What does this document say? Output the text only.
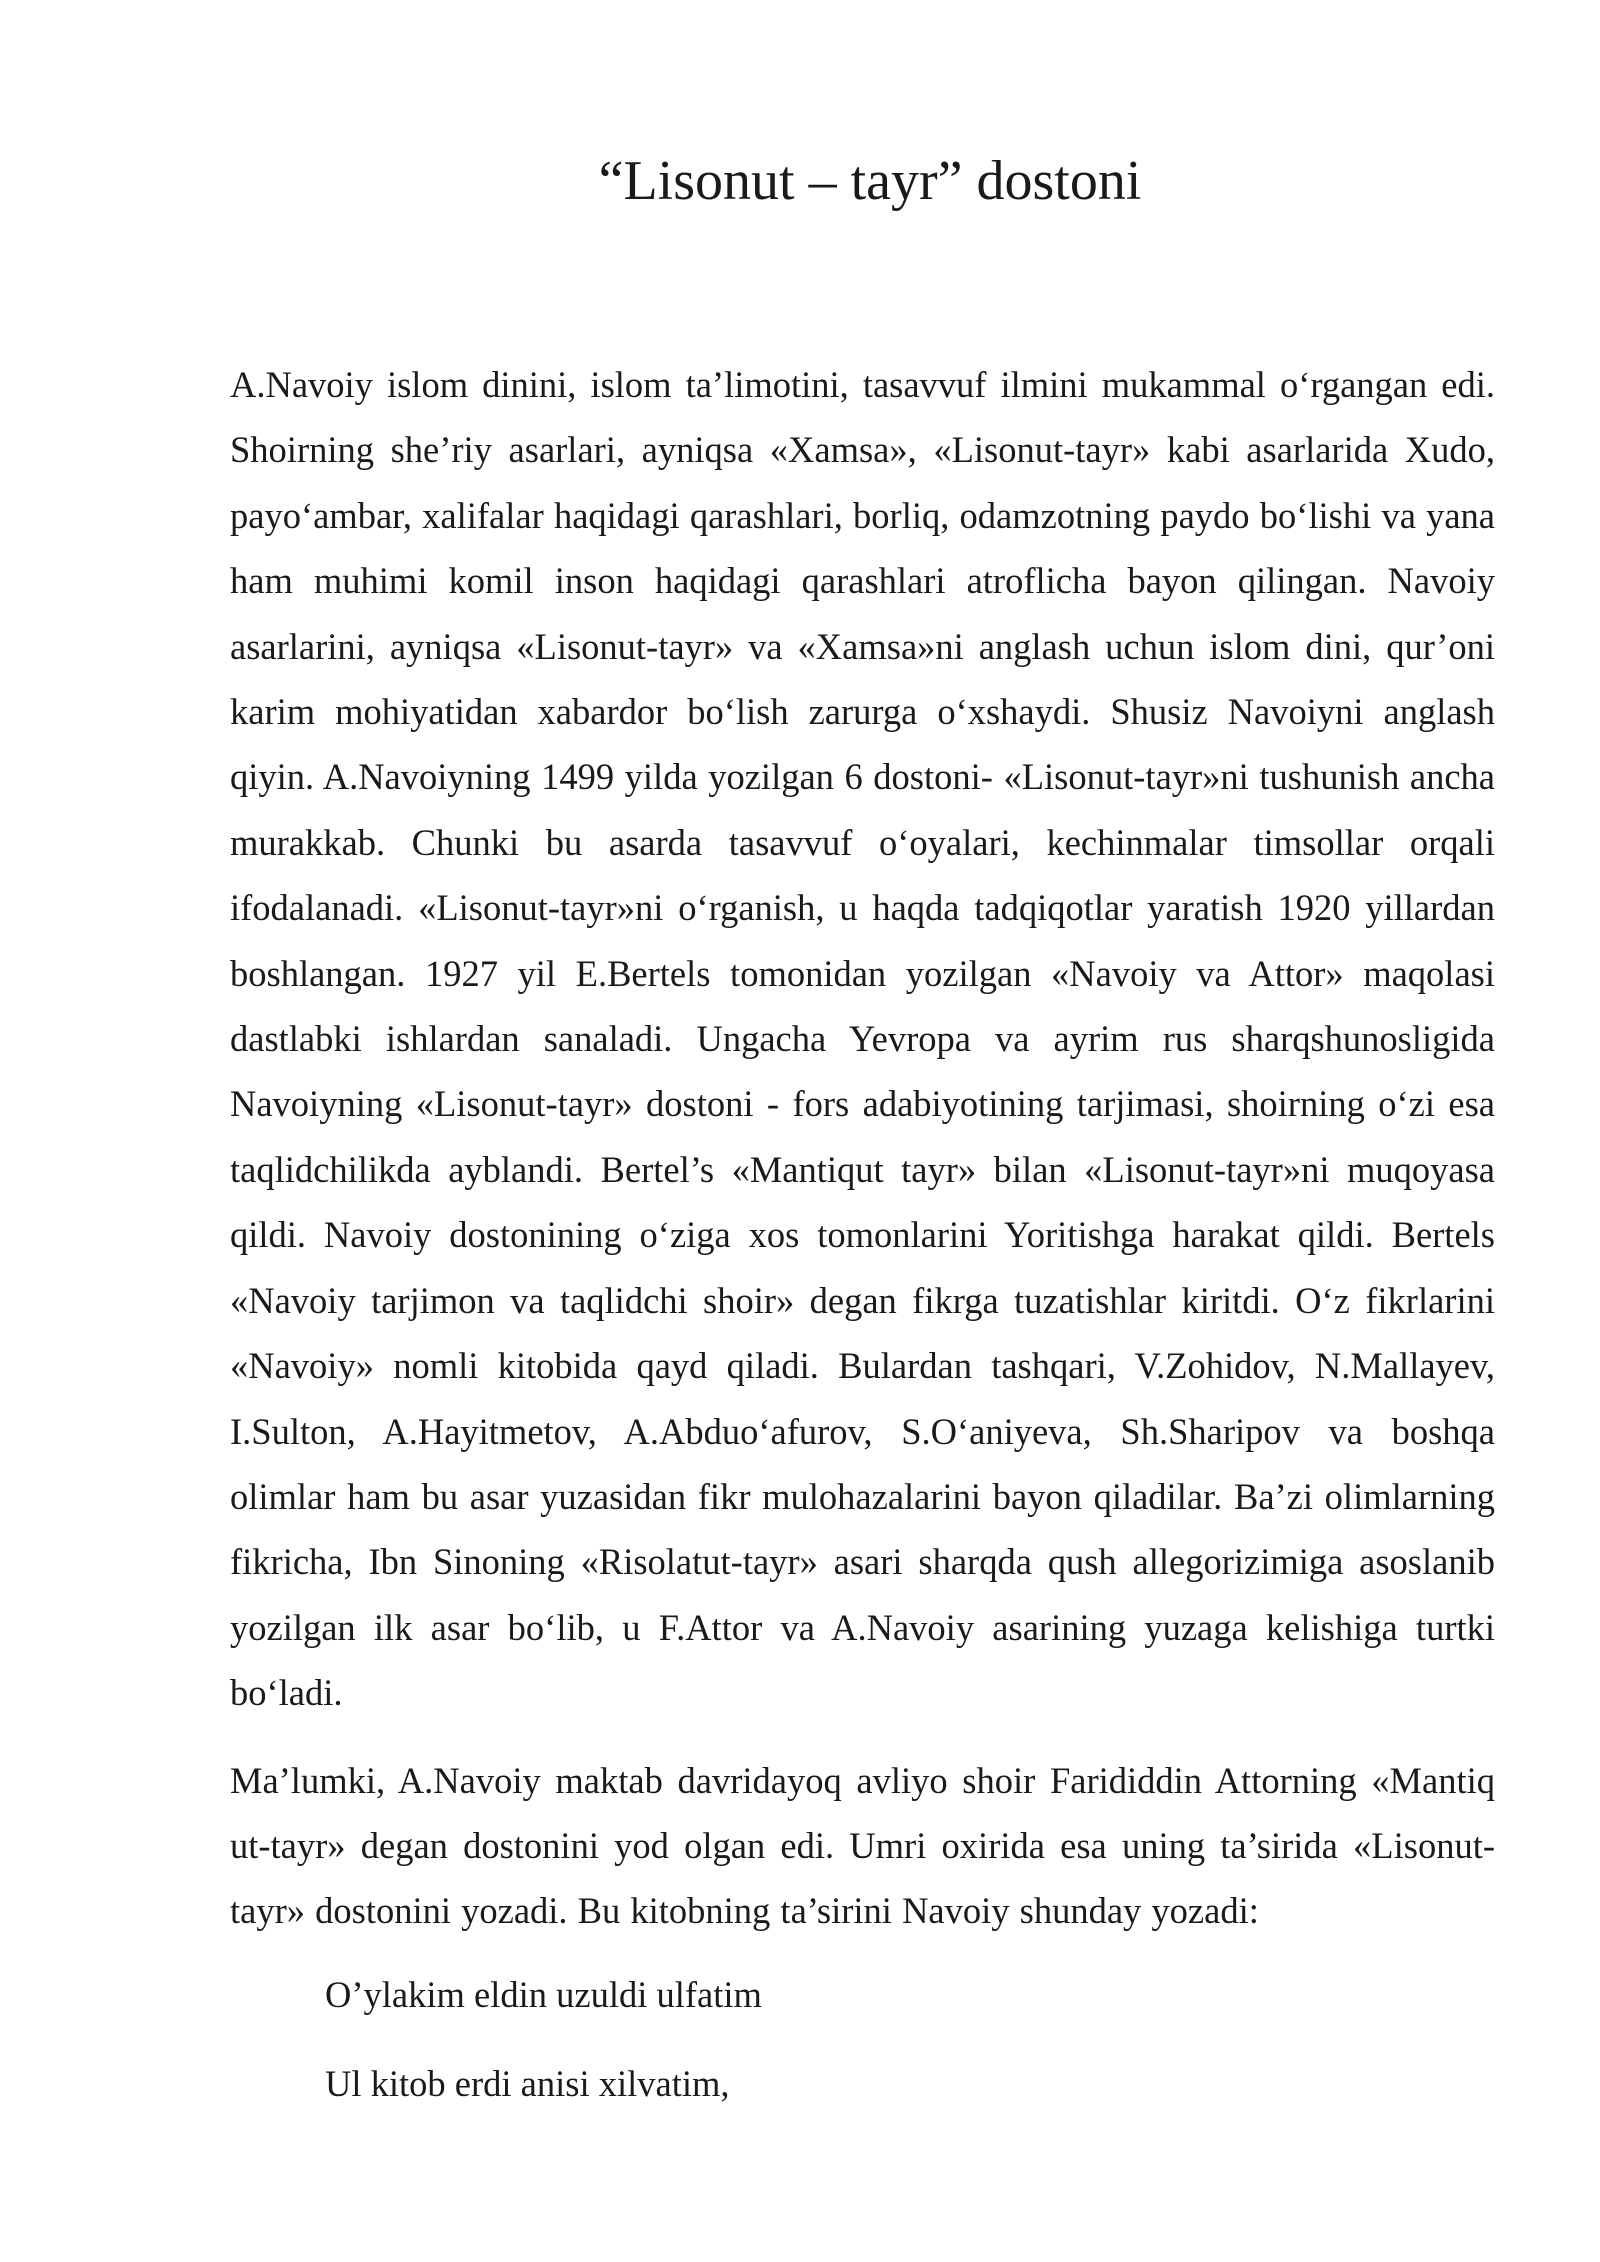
“Lisonut – tayr” dostoni

A.Navoiy islom dinini, islom ta’limotini, tasavvuf ilmini mukammal o‘rgangan edi. Shoirning she’riy asarlari, ayniqsa «Xamsa», «Lisonut-tayr» kabi asarlarida Xudo, payo‘ambar, xalifalar haqidagi qarashlari, borliq, odamzotning paydo bo‘lishi va yana ham muhimi komil inson haqidagi qarashlari atroflicha bayon qilingan. Navoiy asarlarini, ayniqsa «Lisonut-tayr» va «Xamsa»ni anglash uchun islom dini, qur’oni karim mohiyatidan xabardor bo‘lish zarurga o‘xshaydi. Shusiz Navoiyni anglash qiyin. A.Navoiyning 1499 yilda yozilgan 6 dostoni- «Lisonut-tayr»ni tushunish ancha murakkab. Chunki bu asarda tasavvuf o‘oyalari, kechinmalar timsollar orqali ifodalanadi. «Lisonut-tayr»ni o‘rganish, u haqda tadqiqotlar yaratish 1920 yillardan boshlangan. 1927 yil E.Bertels tomonidan yozilgan «Navoiy va Attor» maqolasi dastlabki ishlardan sanaladi. Ungacha Yevropa va ayrim rus sharqshunosligida Navoiyning «Lisonut-tayr» dostoni - fors adabiyotining tarjimasi, shoirning o‘zi esa taqlidchilikda ayblandi. Bertel’s «Mantiqut tayr» bilan «Lisonut-tayr»ni muqoyasa qildi. Navoiy dostonining o‘ziga xos tomonlarini Yoritishga harakat qildi. Bertels «Navoiy tarjimon va taqlidchi shoir» degan fikrga tuzatishlar kiritdi. O‘z fikrlarini «Navoiy» nomli kitobida qayd qiladi. Bulardan tashqari, V.Zohidov, N.Mallayev, I.Sulton, A.Hayitmetov, A.Abduo‘afurov, S.O‘aniyeva, Sh.Sharipov va boshqa olimlar ham bu asar yuzasidan fikr mulohazalarini bayon qiladilar. Ba’zi olimlarning fikricha, Ibn Sinoning «Risolatut-tayr» asari sharqda qush allegorizimiga asoslanib yozilgan ilk asar bo‘lib, u F.Attor va A.Navoiy asarining yuzaga kelishiga turtki bo‘ladi.

Ma’lumki, A.Navoiy maktab davridayoq avliyo shoir Farididdin Attorning «Mantiq ut-tayr» degan dostonini yod olgan edi. Umri oxirida esa uning ta’sirida «Lisonut-tayr» dostonini yozadi. Bu kitobning ta’sirini Navoiy shunday yozadi:

O’ylakim eldin uzuldi ulfatim

Ul kitob erdi anisi xilvatim,
